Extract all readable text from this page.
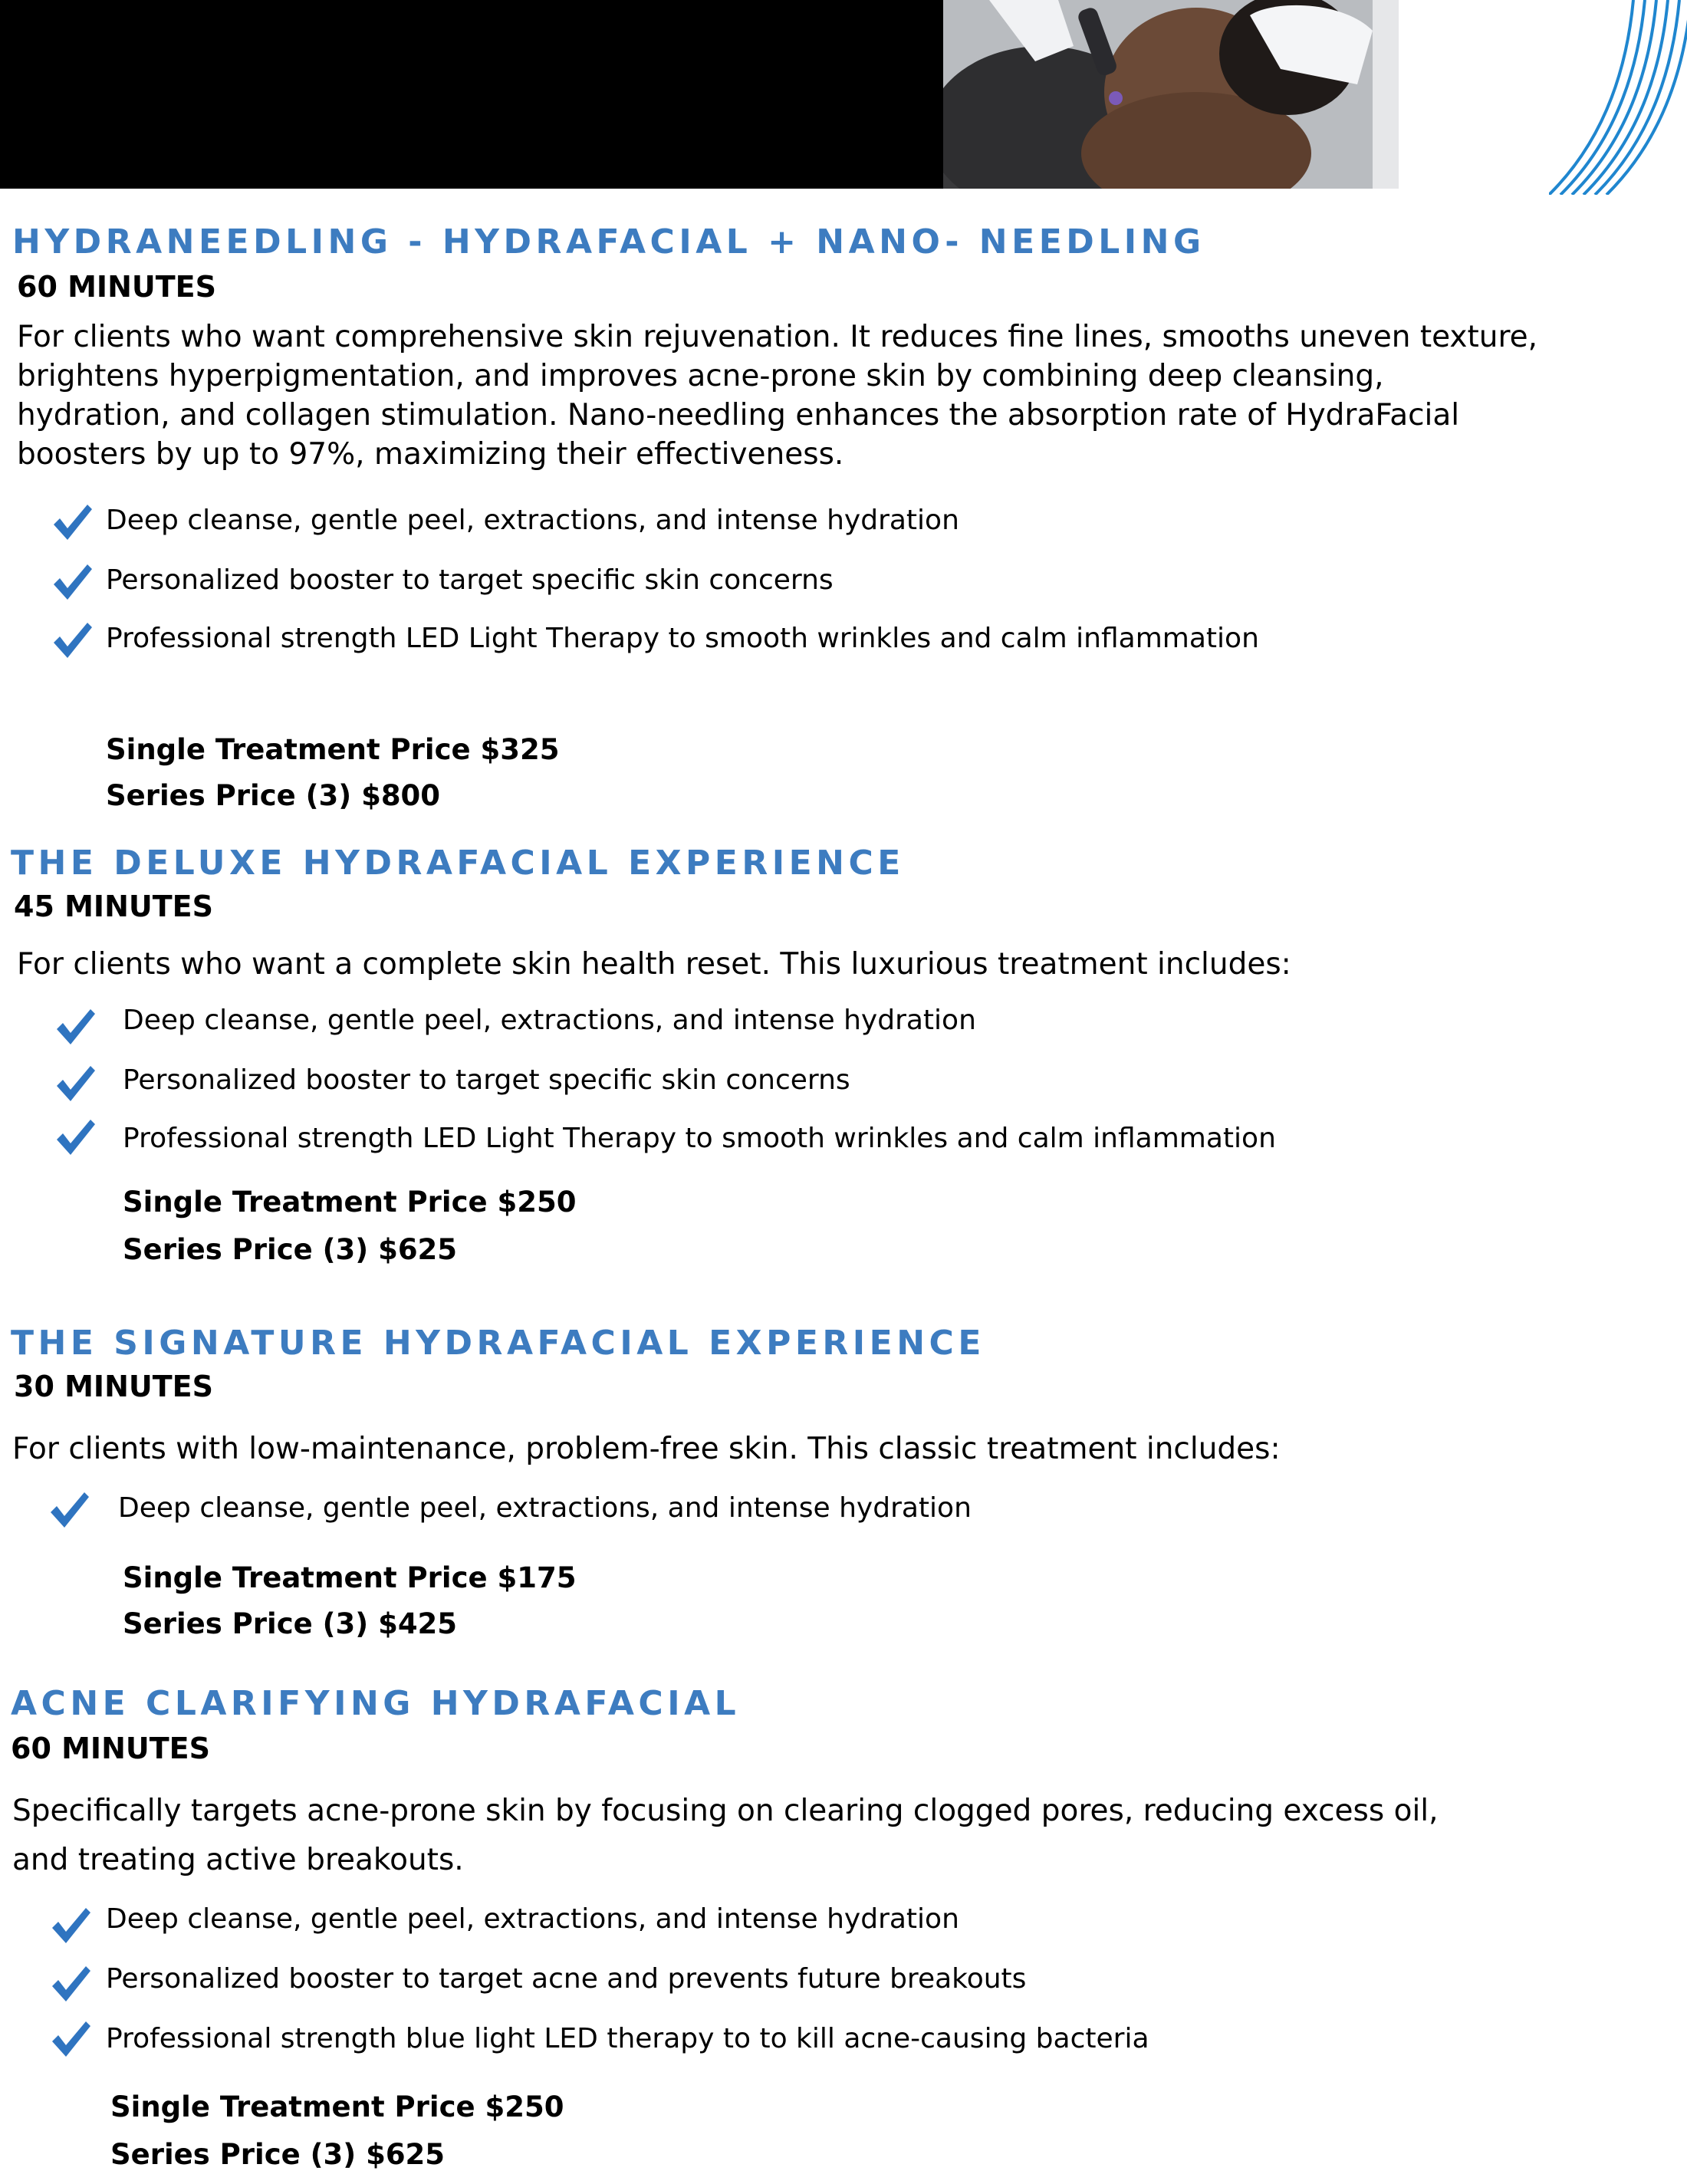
HYDRANEEDLING - HYDRAFACIAL + NANO- NEEDLING
60 MINUTES
For clients who want comprehensive skin rejuvenation. It reduces fine lines, smooths uneven texture, brightens hyperpigmentation, and improves acne-prone skin by combining deep cleansing, hydration, and collagen stimulation. Nano-needling enhances the absorption rate of HydraFacial boosters by up to 97%, maximizing their effectiveness.
Deep cleanse, gentle peel, extractions, and intense hydration
Personalized booster to target specific skin concerns
Professional strength LED Light Therapy to smooth wrinkles and calm inflammation
Single Treatment Price $325
Series Price (3) $800
THE DELUXE HYDRAFACIAL EXPERIENCE
45 MINUTES
For clients who want a complete skin health reset. This luxurious treatment includes:
Deep cleanse, gentle peel, extractions, and intense hydration
Personalized booster to target specific skin concerns
Professional strength LED Light Therapy to smooth wrinkles and calm inflammation
Single Treatment Price $250
Series Price (3) $625
THE SIGNATURE HYDRAFACIAL EXPERIENCE
30 MINUTES
For clients with low-maintenance, problem-free skin. This classic treatment includes:
Deep cleanse, gentle peel, extractions, and intense hydration
Single Treatment Price $175
Series Price (3) $425
ACNE CLARIFYING HYDRAFACIAL
60 MINUTES
Specifically targets acne-prone skin by focusing on clearing clogged pores, reducing excess oil, and treating active breakouts.
Deep cleanse, gentle peel, extractions, and intense hydration
Personalized booster to target acne and prevents future breakouts
Professional strength blue light LED therapy to to kill acne-causing bacteria
Single Treatment Price $250
Series Price (3) $625
